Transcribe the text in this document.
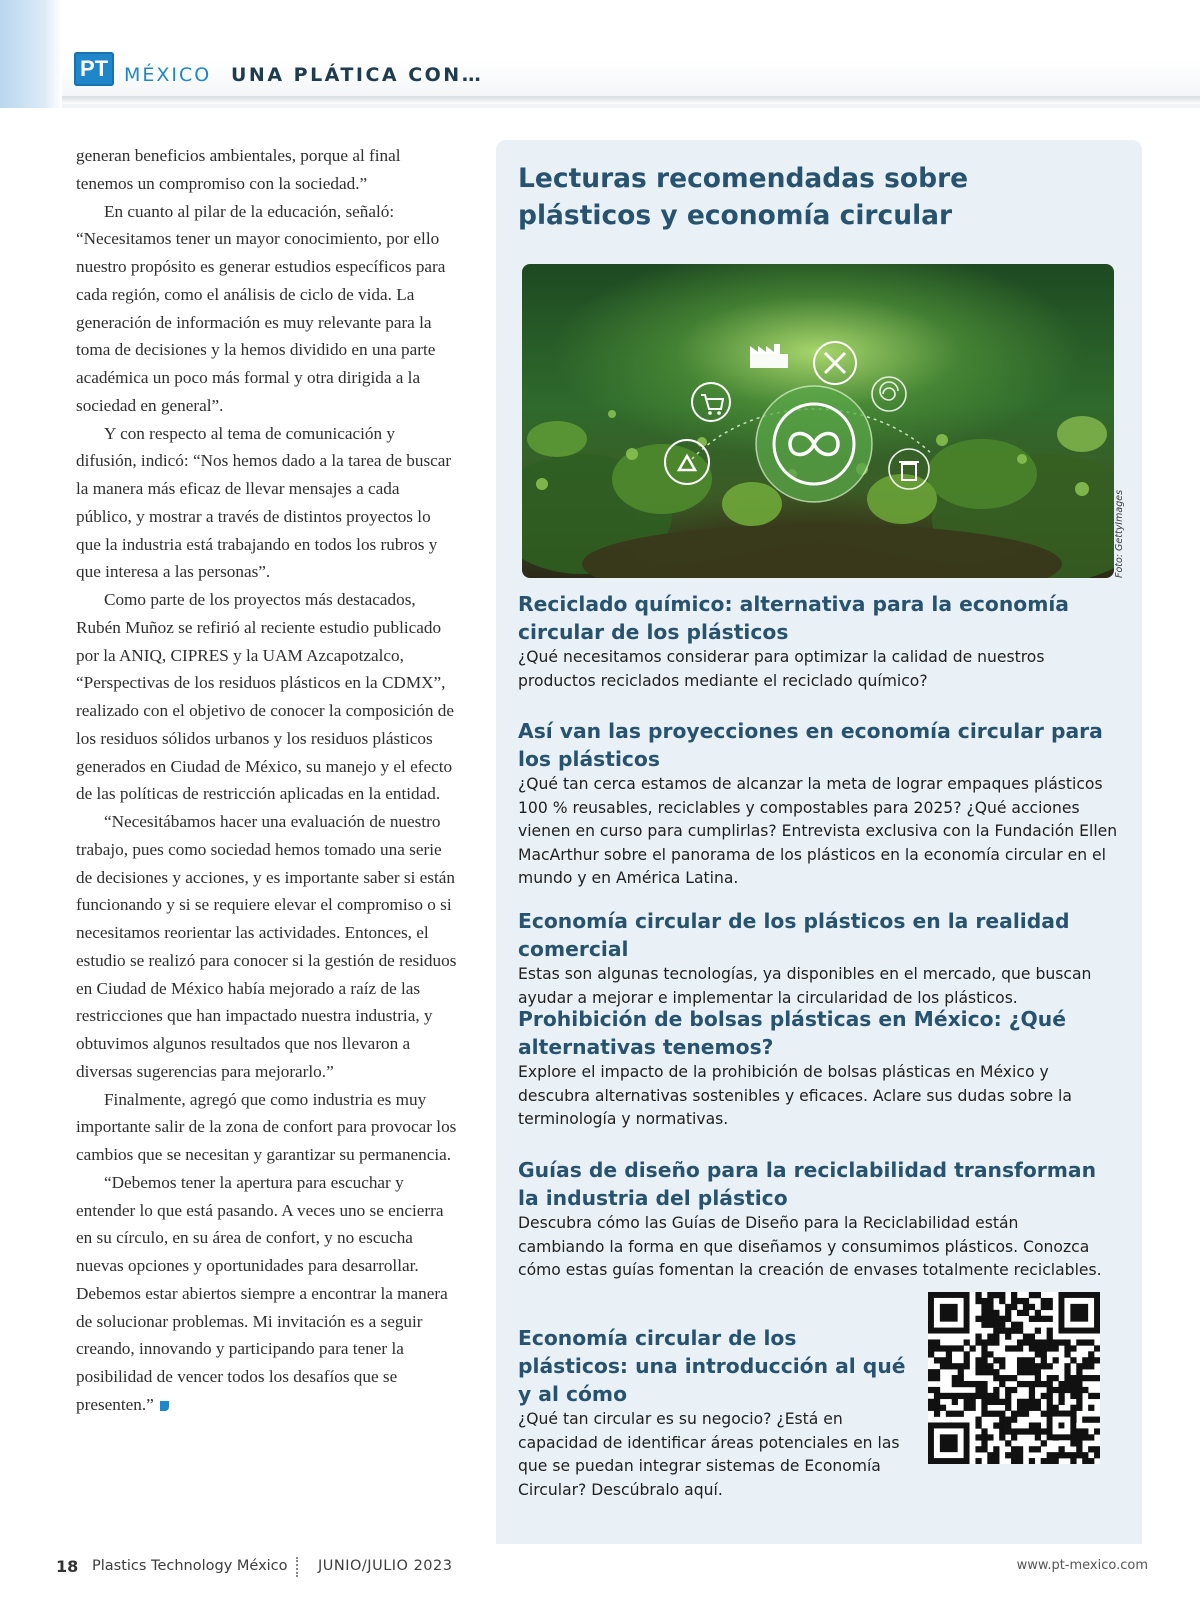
PT MÉXICO UNA PLÁTICA CON…

generan beneficios ambientales, porque al final tenemos un compromiso con la sociedad.”

En cuanto al pilar de la educación, señaló: “Necesitamos tener un mayor conocimiento, por ello nuestro propósito es generar estudios específicos para cada región, como el análisis de ciclo de vida. La generación de información es muy relevante para la toma de decisiones y la hemos dividido en una parte académica un poco más formal y otra dirigida a la sociedad en general”.

Y con respecto al tema de comunicación y difusión, indicó: “Nos hemos dado a la tarea de buscar la manera más eficaz de llevar mensajes a cada público, y mostrar a través de distintos proyectos lo que la industria está trabajando en todos los rubros y que interesa a las personas”.

Como parte de los proyectos más destacados, Rubén Muñoz se refirió al reciente estudio publicado por la ANIQ, CIPRES y la UAM Azcapotzalco, “Perspectivas de los residuos plásticos en la CDMX”, realizado con el objetivo de conocer la composición de los residuos sólidos urbanos y los residuos plásticos generados en Ciudad de México, su manejo y el efecto de las políticas de restricción aplicadas en la entidad.

“Necesitábamos hacer una evaluación de nuestro trabajo, pues como sociedad hemos tomado una serie de decisiones y acciones, y es importante saber si están funcionando y si se requiere elevar el compromiso o si necesitamos reorientar las actividades. Entonces, el estudio se realizó para conocer si la gestión de residuos en Ciudad de México había mejorado a raíz de las restricciones que han impactado nuestra industria, y obtuvimos algunos resultados que nos llevaron a diversas sugerencias para mejorarlo.”

Finalmente, agregó que como industria es muy importante salir de la zona de confort para provocar los cambios que se necesitan y garantizar su permanencia.

“Debemos tener la apertura para escuchar y entender lo que está pasando. A veces uno se encierra en su círculo, en su área de confort, y no escucha nuevas opciones y oportunidades para desarrollar. Debemos estar abiertos siempre a encontrar la manera de solucionar problemas. Mi invitación es a seguir creando, innovando y participando para tener la posibilidad de vencer todos los desafíos que se presenten.”

Lecturas recomendadas sobre plásticos y economía circular
Foto: GettyImages
Reciclado químico: alternativa para la economía circular de los plásticos

¿Qué necesitamos considerar para optimizar la calidad de nuestros productos reciclados mediante el reciclado químico?

Así van las proyecciones en economía circular para los plásticos

¿Qué tan cerca estamos de alcanzar la meta de lograr empaques plásticos 100 % reusables, reciclables y compostables para 2025? ¿Qué acciones vienen en curso para cumplirlas? Entrevista exclusiva con la Fundación Ellen MacArthur sobre el panorama de los plásticos en la economía circular en el mundo y en América Latina.

Economía circular de los plásticos en la realidad comercial

Estas son algunas tecnologías, ya disponibles en el mercado, que buscan ayudar a mejorar e implementar la circularidad de los plásticos.

Prohibición de bolsas plásticas en México: ¿Qué alternativas tenemos?

Explore el impacto de la prohibición de bolsas plásticas en México y descubra alternativas sostenibles y eficaces. Aclare sus dudas sobre la terminología y normativas.

Guías de diseño para la reciclabilidad transforman la industria del plástico

Descubra cómo las Guías de Diseño para la Reciclabilidad están cambiando la forma en que diseñamos y consumimos plásticos. Conozca cómo estas guías fomentan la creación de envases totalmente reciclables.

Economía circular de los plásticos: una introducción al qué y al cómo

¿Qué tan circular es su negocio? ¿Está en capacidad de identificar áreas potenciales en las que se puedan integrar sistemas de Economía Circular? Descúbralo aquí.

18 Plastics Technology México JUNIO/JULIO 2023	www.pt-mexico.com
